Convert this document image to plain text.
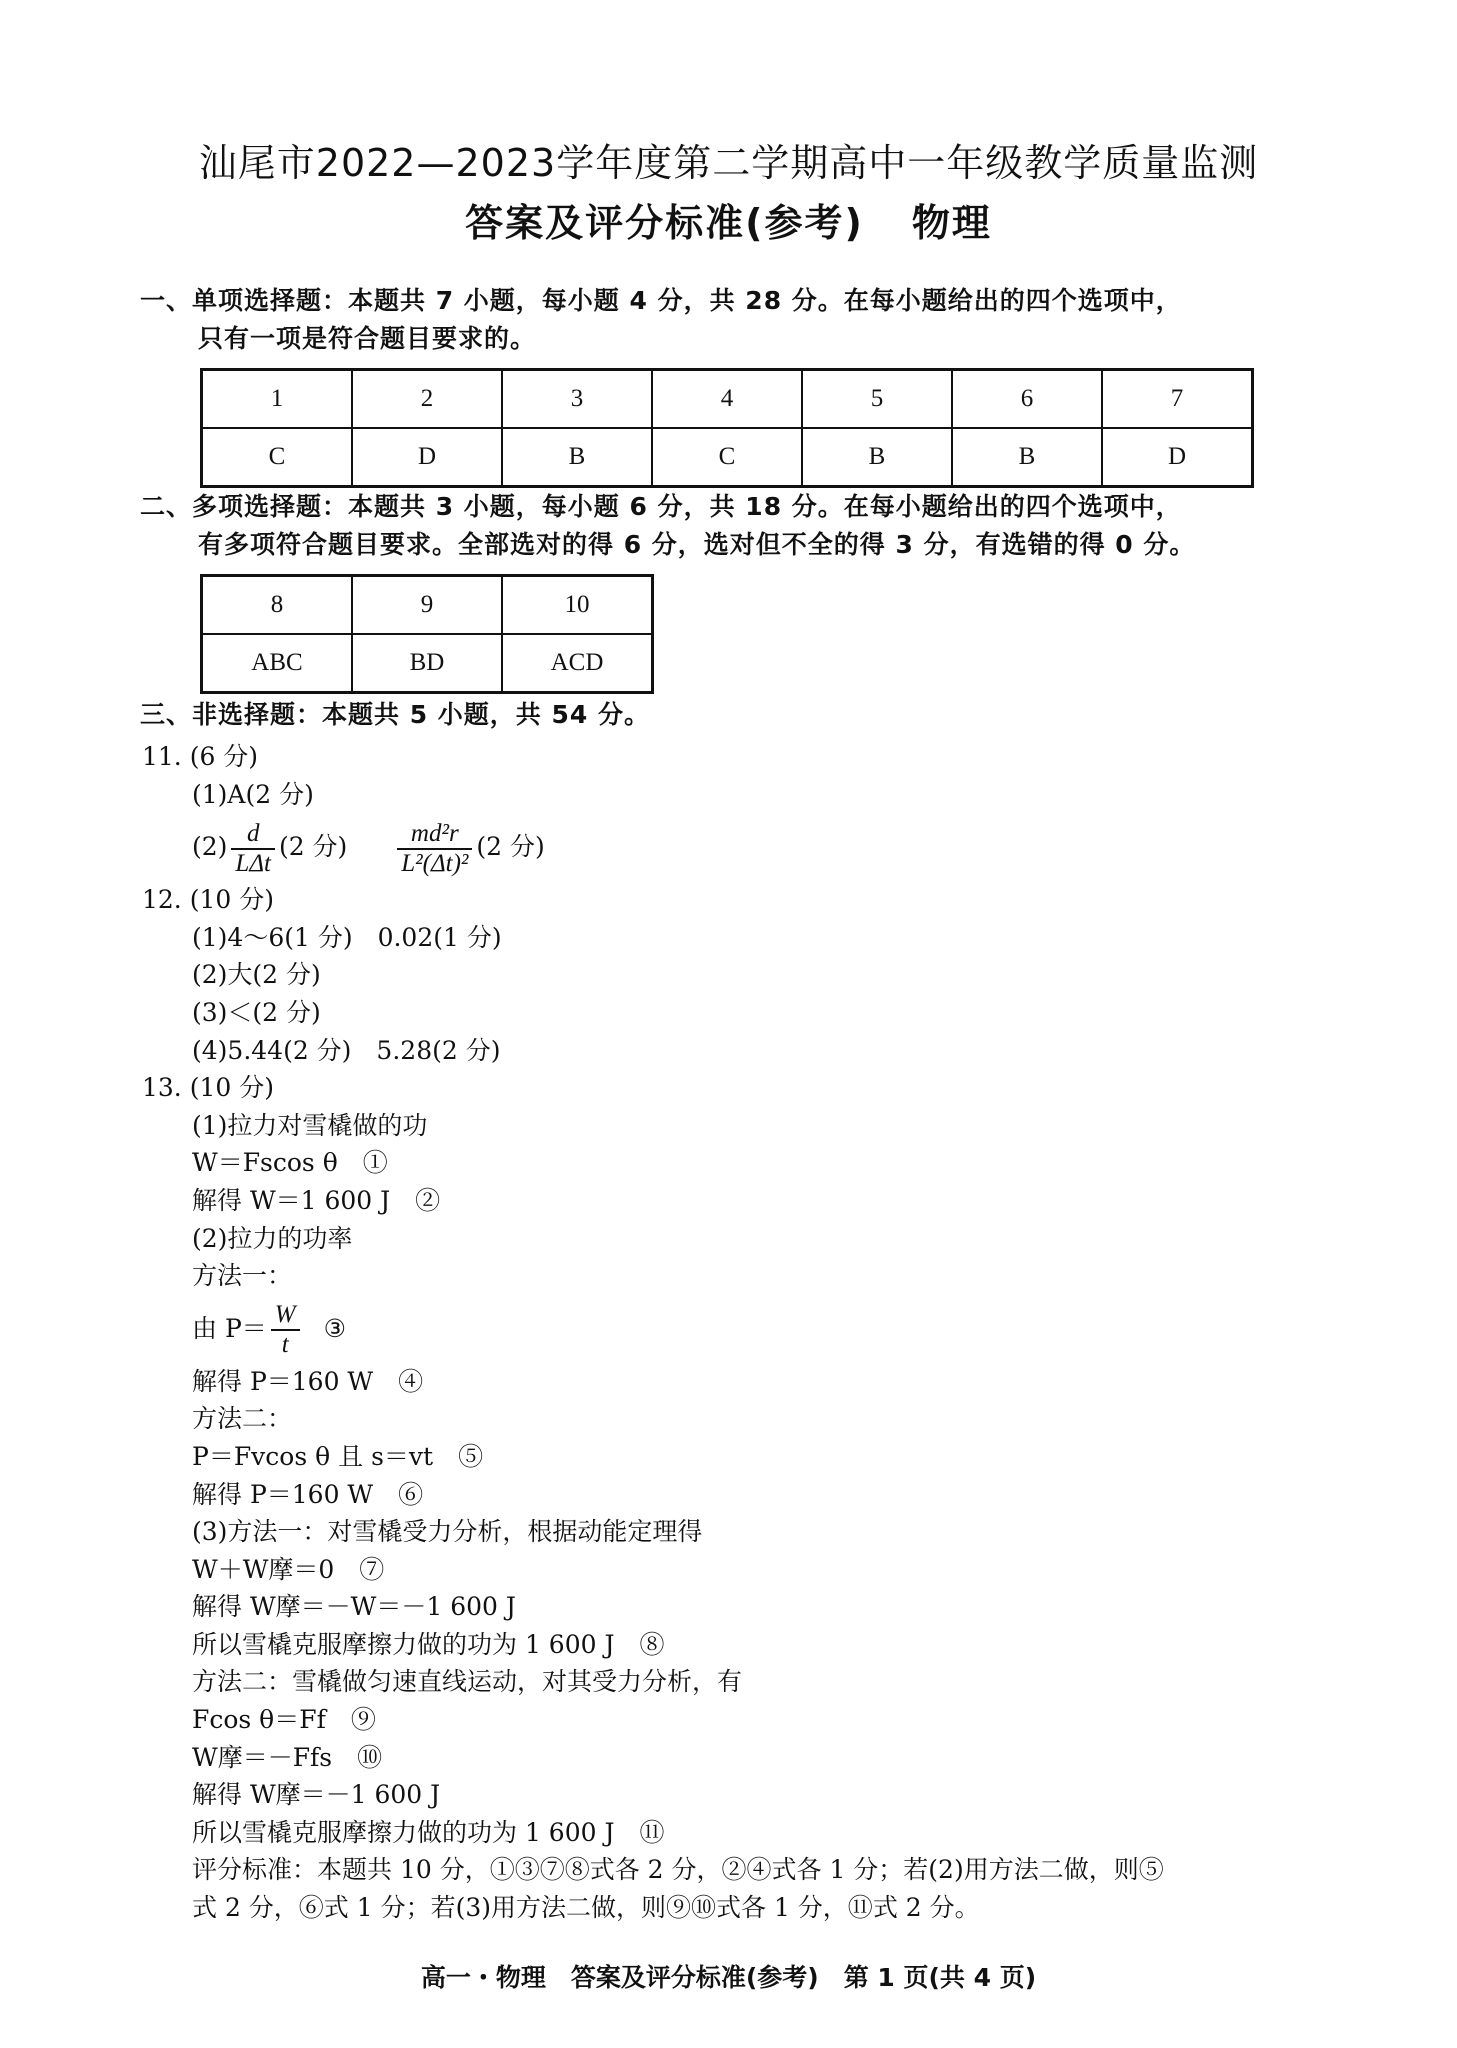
汕尾市2022—2023学年度第二学期高中一年级教学质量监测
答案及评分标准(参考) 物理
一、单项选择题：本题共 7 小题，每小题 4 分，共 28 分。在每小题给出的四个选项中，
只有一项是符合题目要求的。
1	2	3	4	5	6	7
C	D	B	C	B	B	D
二、多项选择题：本题共 3 小题，每小题 6 分，共 18 分。在每小题给出的四个选项中，
有多项符合题目要求。全部选对的得 6 分，选对但不全的得 3 分，有选错的得 0 分。
8	9	10
ABC	BD	ACD
三、非选择题：本题共 5 小题，共 54 分。
11. (6 分)
(1)A(2 分)
$(2) \frac{d}{\text{LΔt}} (2$ 分) $\frac{\text{md²r}}{\text{L²(Δt)²}} (2$ 分)
12. (10 分)
(1)4～6(1 分)　0.02(1 分)
(2)大(2 分)
(3)＜(2 分)
(4)5.44(2 分)　5.28(2 分)
13. (10 分)
(1)拉力对雪橇做的功
W＝Fscos θ　①
解得 W＝1 600 J　②
(2)拉力的功率
方法一：
由 $P= \frac{W}{t}$ ③
解得 P＝160 W　④
方法二：
P＝Fvcos θ 且 s＝vt　⑤
解得 P＝160 W　⑥
(3)方法一：对雪橇受力分析，根据动能定理得
W＋W摩＝0　⑦
解得 W摩＝－W＝－1 600 J
所以雪橇克服摩擦力做的功为 1 600 J　⑧
方法二：雪橇做匀速直线运动，对其受力分析，有
Fcos θ＝Ff　⑨
W摩＝－Ffs　⑩
解得 W摩＝－1 600 J
所以雪橇克服摩擦力做的功为 1 600 J　⑪
评分标准：本题共 10 分，①③⑦⑧式各 2 分，②④式各 1 分；若(2)用方法二做，则⑤
式 2 分，⑥式 1 分；若(3)用方法二做，则⑨⑩式各 1 分，⑪式 2 分。
高一・物理　答案及评分标准(参考)　第 1 页(共 4 页)
